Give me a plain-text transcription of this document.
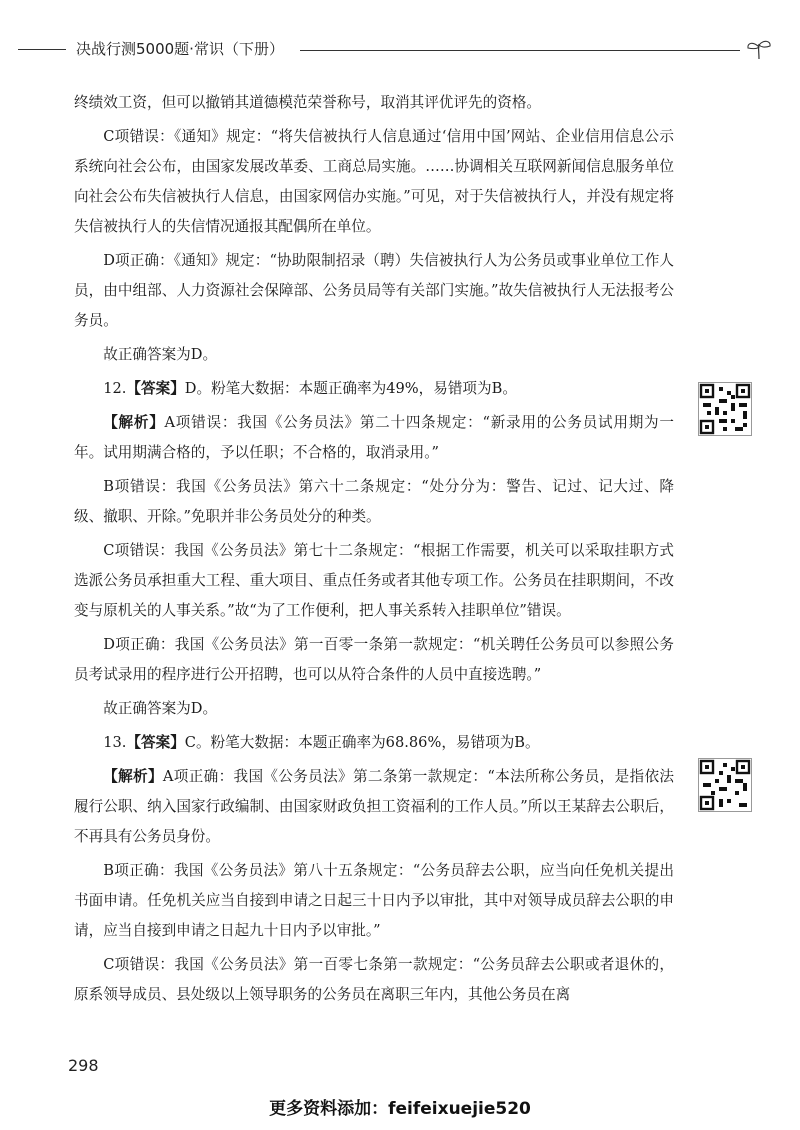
决战行测5000题·常识（下册）

终绩效工资，但可以撤销其道德模范荣誉称号，取消其评优评先的资格。

C项错误：《通知》规定：“将失信被执行人信息通过‘信用中国’网站、企业信用信息公示系统向社会公布，由国家发展改革委、工商总局实施。……协调相关互联网新闻信息服务单位向社会公布失信被执行人信息，由国家网信办实施。”可见，对于失信被执行人，并没有规定将失信被执行人的失信情况通报其配偶所在单位。

D项正确：《通知》规定：“协助限制招录（聘）失信被执行人为公务员或事业单位工作人员，由中组部、人力资源社会保障部、公务员局等有关部门实施。”故失信被执行人无法报考公务员。

故正确答案为D。

12.【答案】D。粉笔大数据：本题正确率为49%，易错项为B。

【解析】A项错误：我国《公务员法》第二十四条规定：“新录用的公务员试用期为一年。试用期满合格的，予以任职；不合格的，取消录用。”

B项错误：我国《公务员法》第六十二条规定：“处分分为：警告、记过、记大过、降级、撤职、开除。”免职并非公务员处分的种类。

C项错误：我国《公务员法》第七十二条规定：“根据工作需要，机关可以采取挂职方式选派公务员承担重大工程、重大项目、重点任务或者其他专项工作。公务员在挂职期间，不改变与原机关的人事关系。”故“为了工作便利，把人事关系转入挂职单位”错误。

D项正确：我国《公务员法》第一百零一条第一款规定：“机关聘任公务员可以参照公务员考试录用的程序进行公开招聘，也可以从符合条件的人员中直接选聘。”

故正确答案为D。

13.【答案】C。粉笔大数据：本题正确率为68.86%，易错项为B。

【解析】A项正确：我国《公务员法》第二条第一款规定：“本法所称公务员，是指依法履行公职、纳入国家行政编制、由国家财政负担工资福利的工作人员。”所以王某辞去公职后，不再具有公务员身份。

B项正确：我国《公务员法》第八十五条规定：“公务员辞去公职，应当向任免机关提出书面申请。任免机关应当自接到申请之日起三十日内予以审批，其中对领导成员辞去公职的申请，应当自接到申请之日起九十日内予以审批。”

C项错误：我国《公务员法》第一百零七条第一款规定：“公务员辞去公职或者退休的，原系领导成员、县处级以上领导职务的公务员在离职三年内，其他公务员在离

298
更多资料添加：feifeixuejie520
